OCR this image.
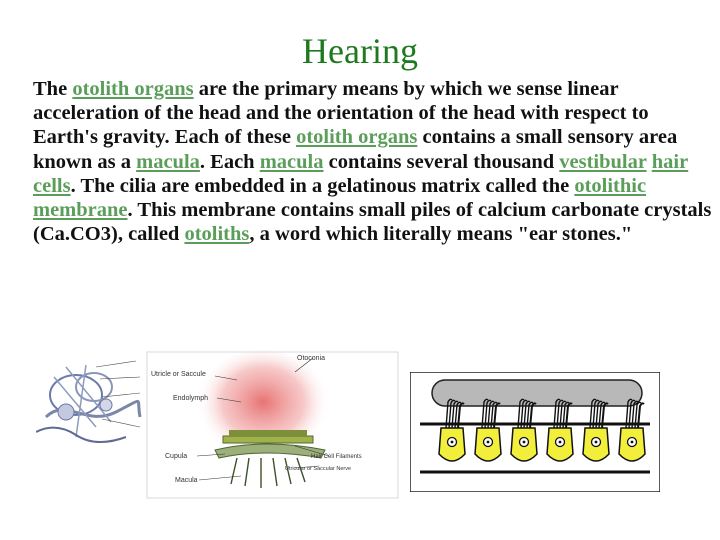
Hearing
The otolith organs are the primary means by which we sense linear acceleration of the head and the orientation of the head with respect to Earth's gravity. Each of these otolith organs contains a small sensory area known as a macula. Each macula contains several thousand vestibular hair cells. The cilia are embedded in a gelatinous matrix called the otolithic membrane. This membrane contains small piles of calcium carbonate crystals (Ca.CO3), called otoliths, a word which literally means "ear stones."
Otoconia
Utricle or Saccule
Endolymph
Cupula	Hair Cell Filaments
Utricular or Saccular Nerve
Macula
